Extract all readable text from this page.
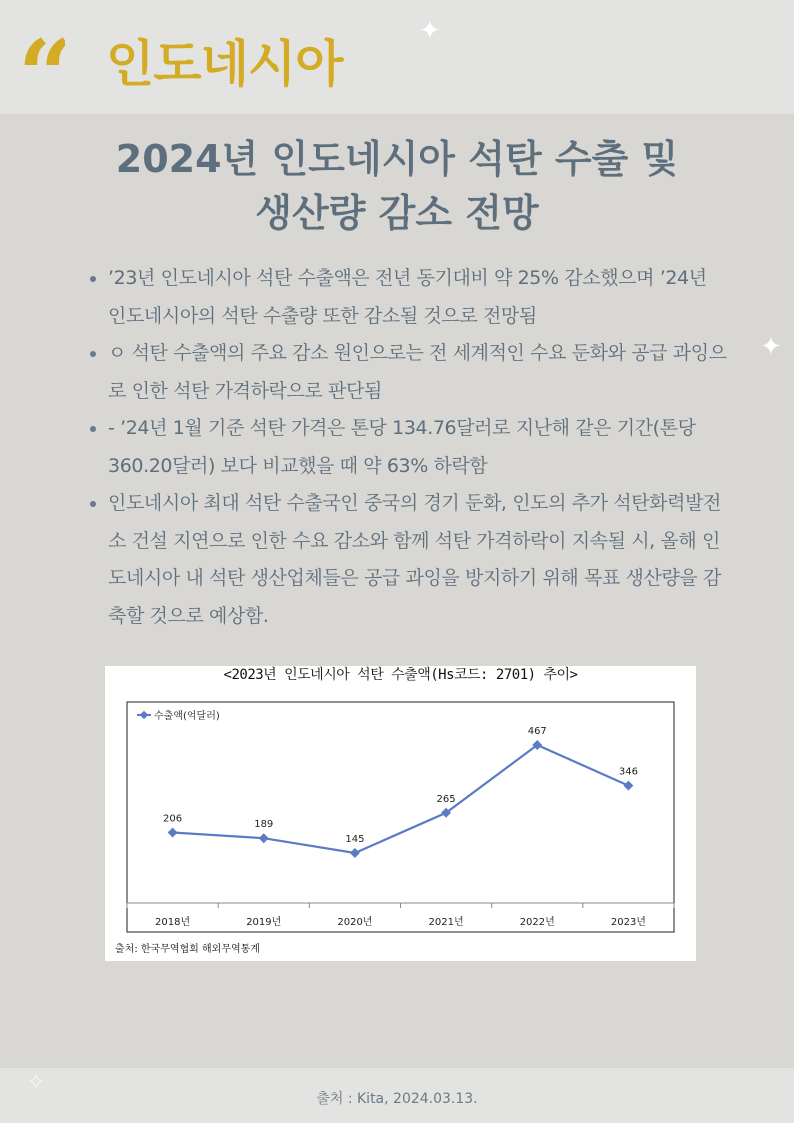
“ 인도네시아
✦
✦
2024년 인도네시아 석탄 수출 및
생산량 감소 전망
• ’23년 인도네시아 석탄 수출액은 전년 동기대비 약 25% 감소했으며 ’24년 인도네시아의 석탄 수출량 또한 감소될 것으로 전망됨
• ㅇ 석탄 수출액의 주요 감소 원인으로는 전 세계적인 수요 둔화와 공급 과잉으로 인한 석탄 가격하락으로 판단됨
• - ’24년 1월 기준 석탄 가격은 톤당 134.76달러로 지난해 같은 기간(톤당 360.20달러) 보다 비교했을 때 약 63% 하락함
• 인도네시아 최대 석탄 수출국인 중국의 경기 둔화, 인도의 추가 석탄화력발전소 건설 지연으로 인한 수요 감소와 함께 석탄 가격하락이 지속될 시, 올해 인도네시아 내 석탄 생산업체들은 공급 과잉을 방지하기 위해 목표 생산량을 감축할 것으로 예상함.
<2023년 인도네시아 석탄 수출액(Hs코드: 2701) 추이>
206
189
145
265
467
346
2018년	2019년	2020년	2021년	2022년	2023년
수출액(억달러)
출처: 한국무역협회 해외무역통계
✧
출처 : Kita, 2024.03.13.
